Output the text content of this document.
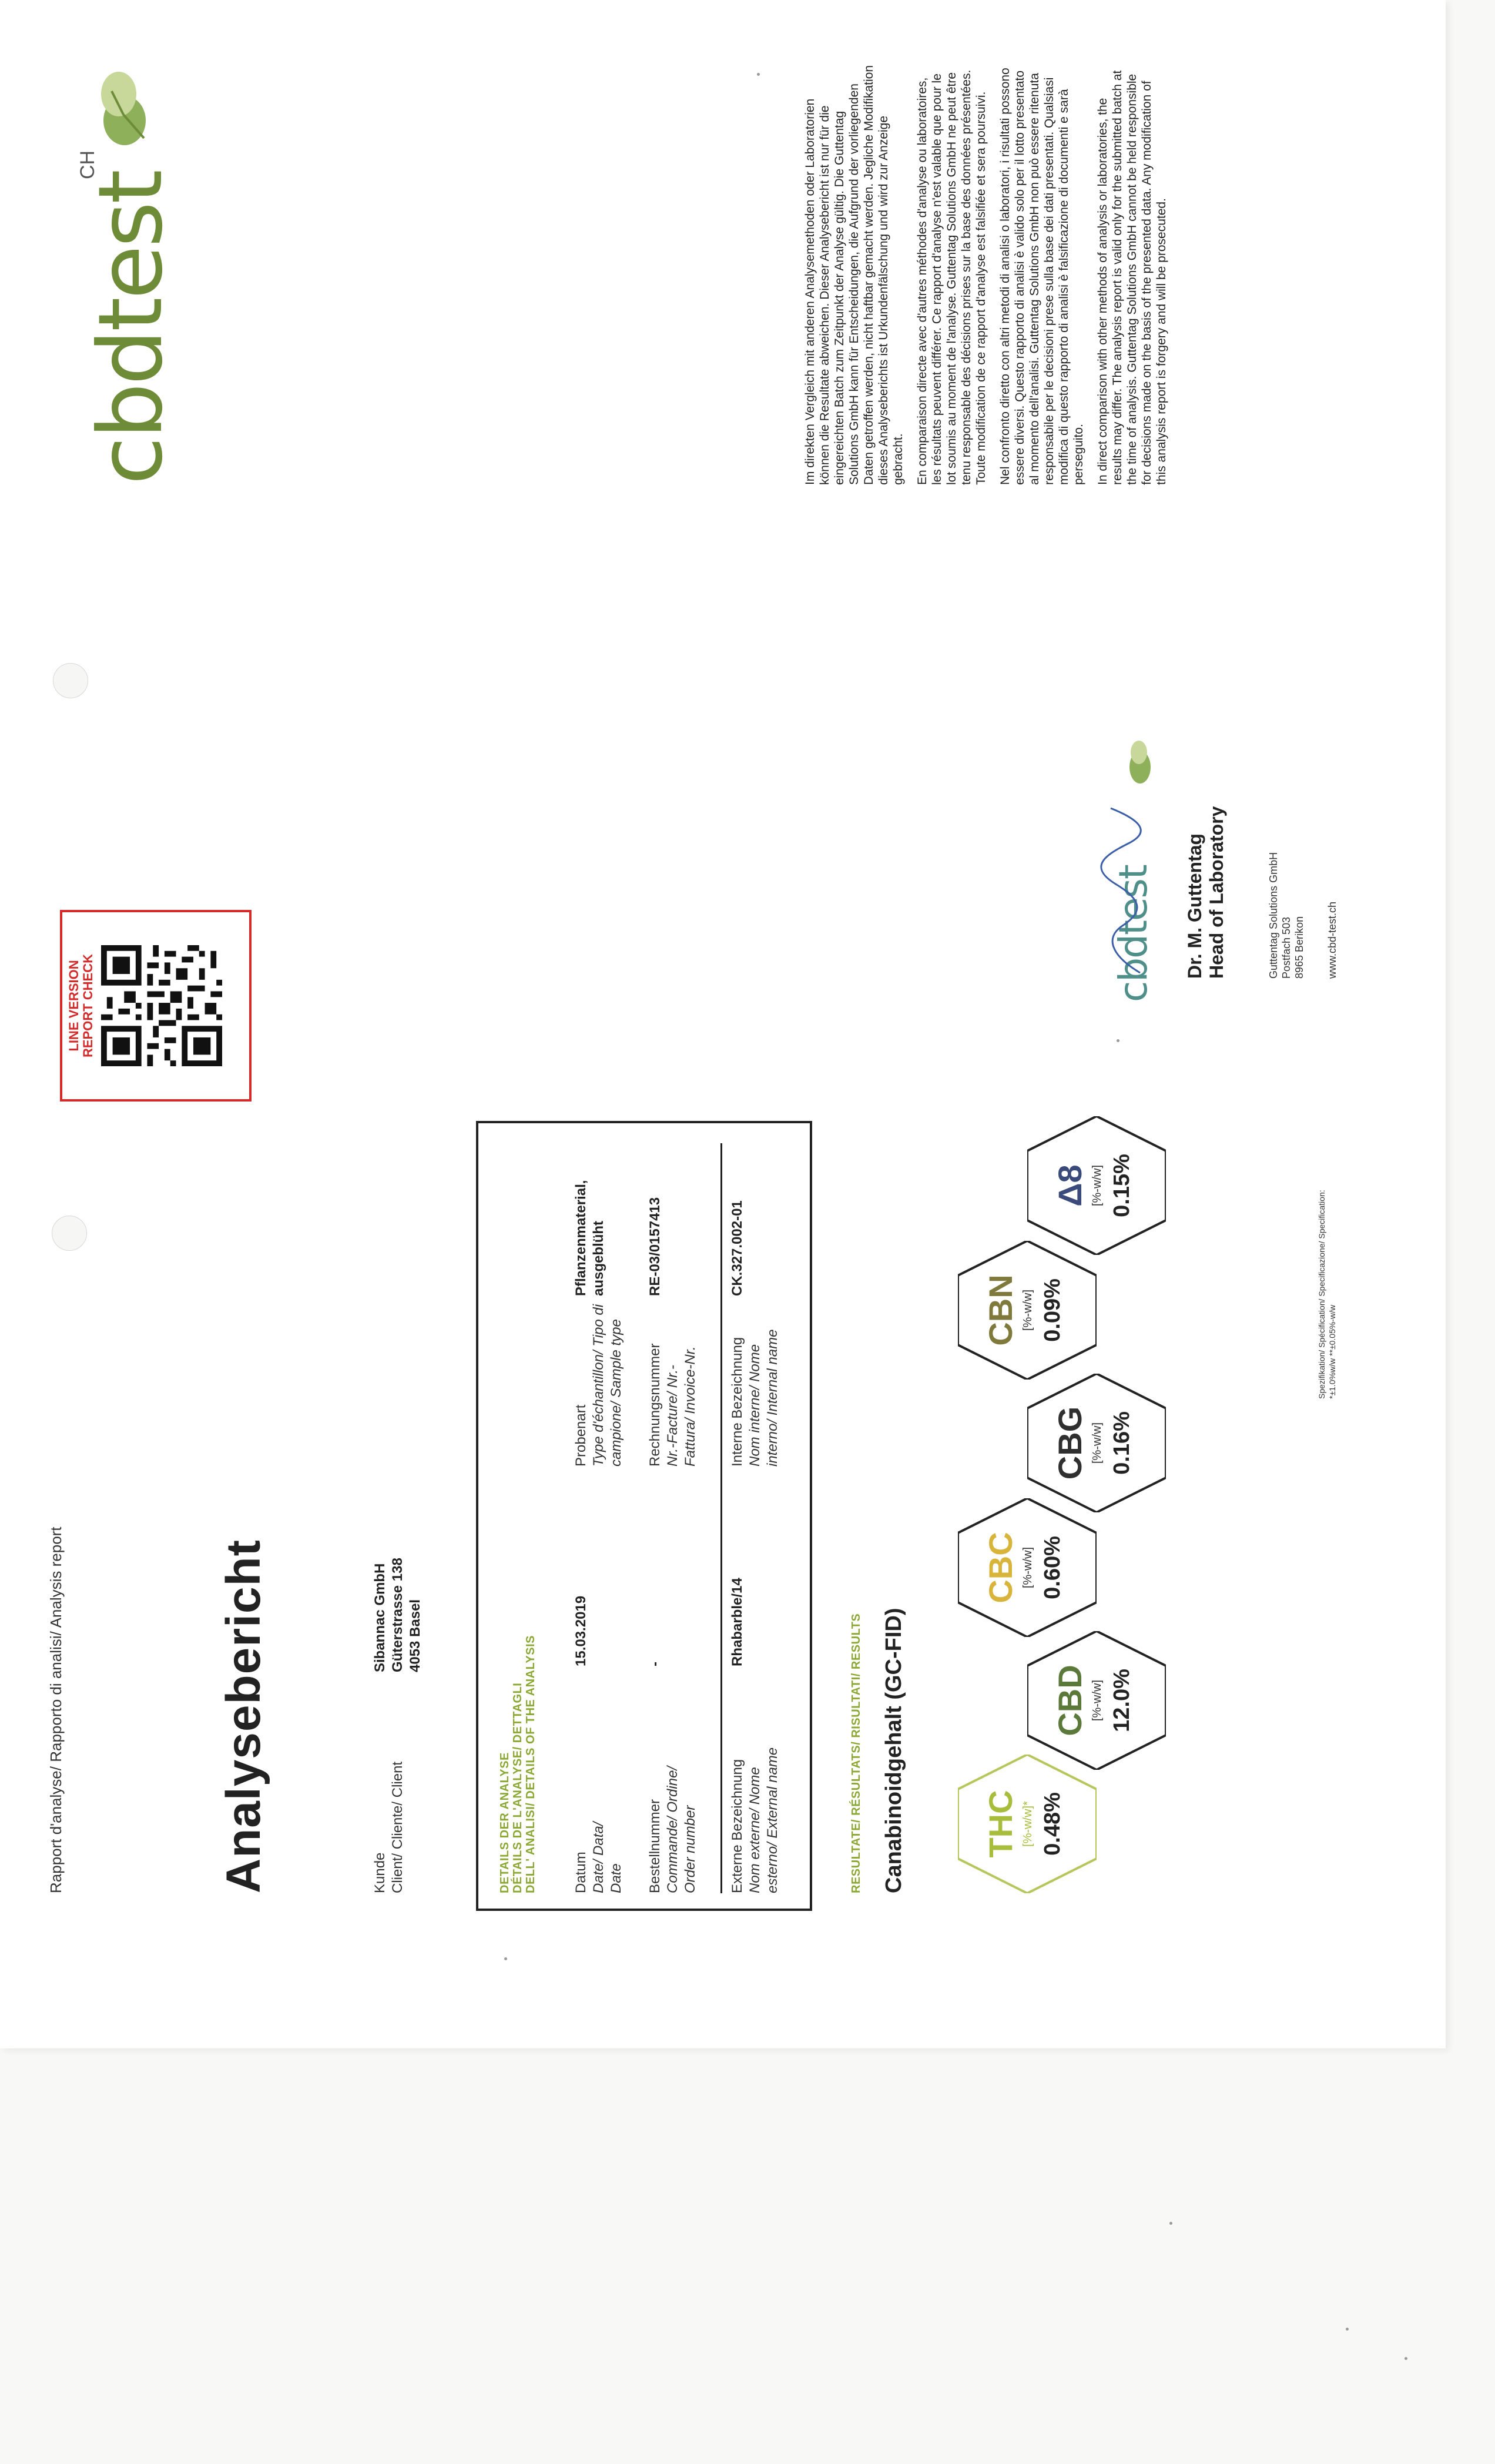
Rapport d'analyse/ Rapporto di analisi/ Analysis report	Analysebericht	Kunde Client/ Cliente/ Client
Sibannac GmbH Güterstrasse 138 4053 Basel
LINE VERSION REPORT CHECK
DETAILS DER ANALYSE DÉTAILS DE L'ANALYSE/ DETTAGLI DELL' ANALISI/ DETAILS OF THE ANALYSIS	Datum Date/ Data/ Date
15.03.2019
Probenart Type d'échantillon/ Tipo di campione/ Sample type
Pflanzenmaterial, ausgeblüht
Bestellnummer Commande/ Ordine/ Order number
-
Rechnungsnummer Nr.-Facture/ Nr.- Fattura/ Invoice-Nr.
RE-03/0157413
Externe Bezeichnung Nom externe/ Nome esterno/ External name
Rhabarble/14
Interne Bezeichnung Nom interne/ Nome interno/ Internal name
CK.327.002-01
RESULTATE/ RÉSULTATS/ RISULTATI/ RESULTS Canabinoidgehalt (GC-FID) THC [%-w/w]* 0.48%
CBD [%-w/w] 12.0%
CBC [%-w/w] 0.60%
CBG [%-w/w] 0.16%
CBN [%-w/w] 0.09%
Δ8 [%-w/w] 0.15%
Spezifikation/ Spécification/ Specificazione/ Specification: *±1.0%w/w **±0.05%-w/w
cbdtest	Dr. M. Guttentag Head of Laboratory	Guttentag Solutions GmbH Postfach 503 8965 Berikon www.cbd-test.ch
Im direkten Vergleich mit anderen Analysemethoden oder Laboratorien können die Resultate abweichen. Dieser Analysebericht ist nur für die eingereichten Batch zum Zeitpunkt der Analyse gültig. Die Guttentag Solutions GmbH kann für Entscheidungen, die Aufgrund der vorliegenden Daten getroffen werden, nicht haftbar gemacht werden. Jegliche Modifikation dieses Analyseberichts ist Urkundenfälschung und wird zur Anzeige gebracht. En comparaison directe avec d'autres méthodes d'analyse ou laboratoires, les résultats peuvent différer. Ce rapport d'analyse n'est valable que pour le lot soumis au moment de l'analyse. Guttentag Solutions GmbH ne peut être tenu responsable des décisions prises sur la base des données présentées. Toute modification de ce rapport d'analyse est falsifiée et sera poursuivi. Nel confronto diretto con altri metodi di analisi o laboratori, i risultati possono essere diversi. Questo rapporto di analisi è valido solo per il lotto presentato al momento dell'analisi. Guttentag Solutions GmbH non può essere ritenuta responsabile per le decisioni prese sulla base dei dati presentati. Qualsiasi modifica di questo rapporto di analisi è falsificazione di documenti e sarà perseguito. In direct comparison with other methods of analysis or laboratories, the results may differ. The analysis report is valid only for the submitted batch at the time of analysis. Guttentag Solutions GmbH cannot be held responsible for decisions made on the basis of the presented data. Any modification of this analysis report is forgery and will be prosecuted.
cbdtest
CH
